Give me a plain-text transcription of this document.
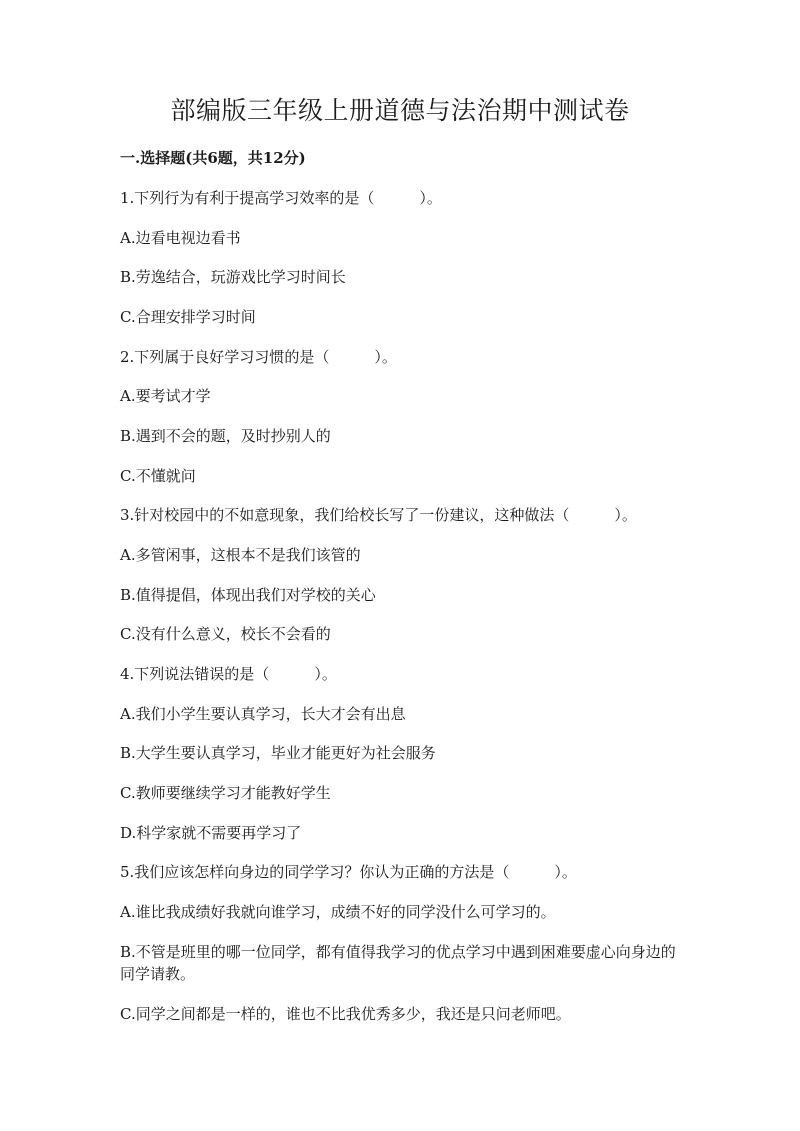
部编版三年级上册道德与法治期中测试卷

一.选择题(共6题，共12分)

1.下列行为有利于提高学习效率的是（　　　）。

A.边看电视边看书

B.劳逸结合，玩游戏比学习时间长

C.合理安排学习时间

2.下列属于良好学习习惯的是（　　　）。

A.要考试才学

B.遇到不会的题，及时抄别人的

C.不懂就问

3.针对校园中的不如意现象，我们给校长写了一份建议，这种做法（　　　）。

A.多管闲事，这根本不是我们该管的

B.值得提倡，体现出我们对学校的关心

C.没有什么意义，校长不会看的

4.下列说法错误的是（　　　）。

A.我们小学生要认真学习，长大才会有出息

B.大学生要认真学习，毕业才能更好为社会服务

C.教师要继续学习才能教好学生

D.科学家就不需要再学习了

5.我们应该怎样向身边的同学学习？你认为正确的方法是（　　　）。

A.谁比我成绩好我就向谁学习，成绩不好的同学没什么可学习的。

B.不管是班里的哪一位同学，都有值得我学习的优点学习中遇到困难要虚心向身边的同学请教。

C.同学之间都是一样的，谁也不比我优秀多少，我还是只问老师吧。
